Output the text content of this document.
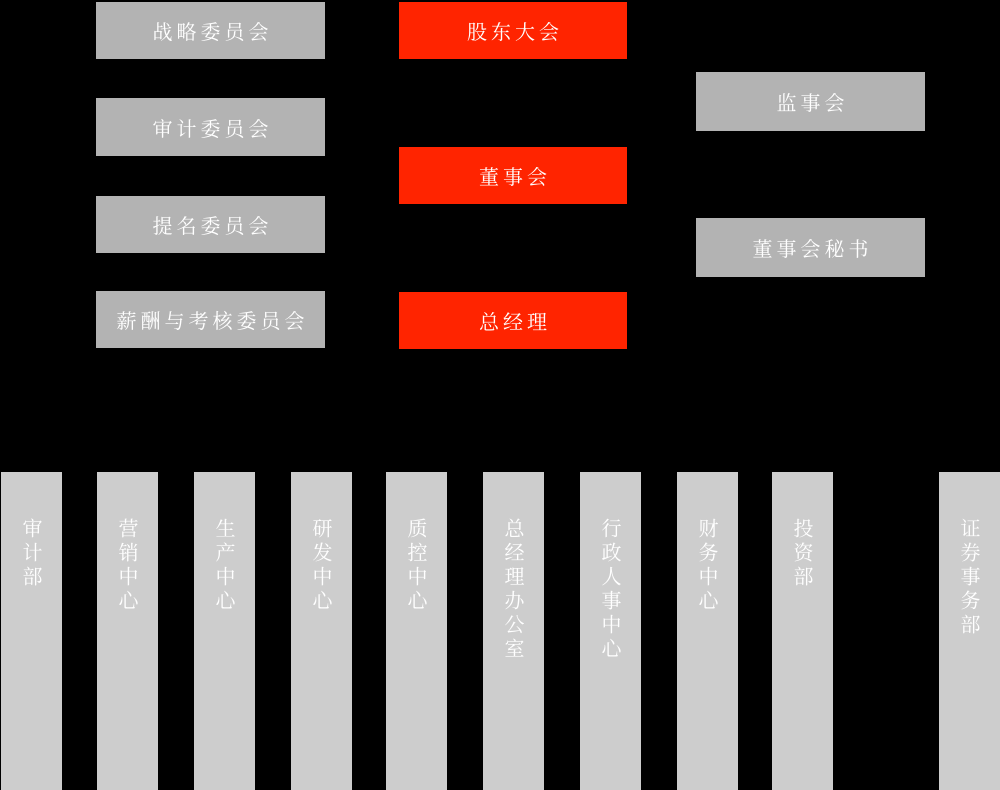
战略委员会
审计委员会
提名委员会
薪酬与考核委员会
股东大会
董事会
总经理
监事会
董事会秘书
审计部	营销中心	生产中心	研发中心	质控中心	总经理办公室	行政人事中心	财务中心	投资部	证券事务部
